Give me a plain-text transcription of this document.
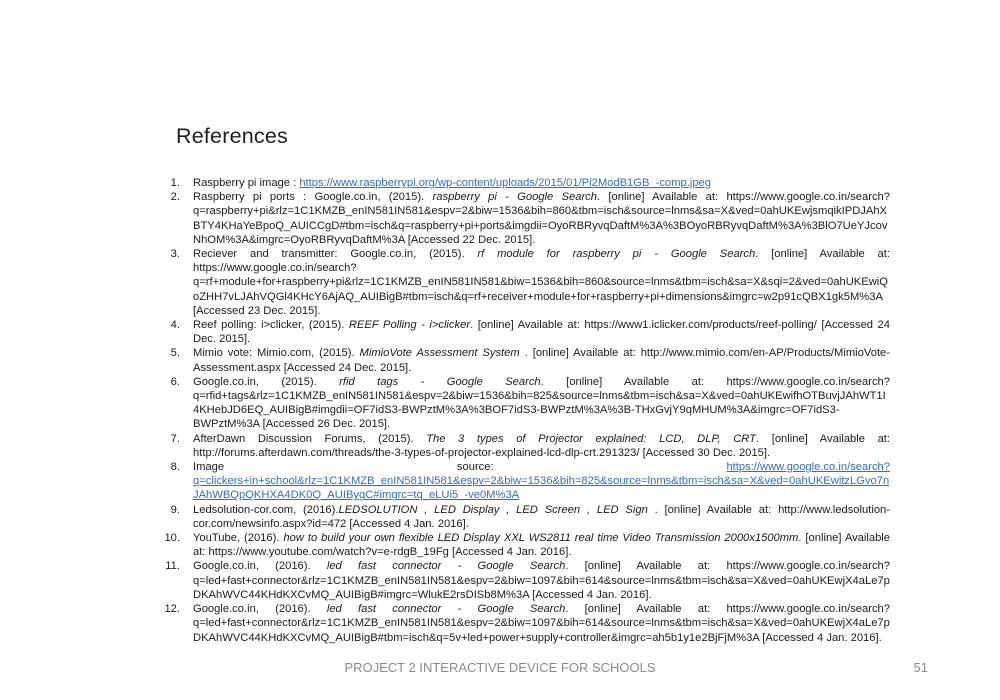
References
1. Raspberry pi image : https://www.raspberrypi.org/wp-content/uploads/2015/01/Pi2ModB1GB_-comp.jpeg
2. Raspberry pi ports : Google.co.in, (2015). raspberry pi - Google Search. [online] Available at: https://www.google.co.in/search?q=raspberry+pi&rlz=1C1KMZB_enIN581IN581&espv=2&biw=1536&bih=860&tbm=isch&source=lnms&sa=X&ved=0ahUKEwjsmqikIPDJAhXBTY4KHaYeBpoQ_AUICCgD#tbm=isch&q=raspberry+pi+ports&imgdii=OyoRBRyvqDaftM%3A%3BOyoRBRyvqDaftM%3A%3BlO7UeYJcovNhOM%3A&imgrc=OyoRBRyvqDaftM%3A [Accessed 22 Dec. 2015].
3. Reciever and transmitter: Google.co.in, (2015). rf module for raspberry pi - Google Search. [online] Available at: https://www.google.co.in/search?q=rf+module+for+raspberry+pi&rlz=1C1KMZB_enIN581IN581&biw=1536&bih=860&source=lnms&tbm=isch&sa=X&sqi=2&ved=0ahUKEwiQoZHH7vLJAhVQGl4KHcY6AjAQ_AUIBigB#tbm=isch&q=rf+receiver+module+for+raspberry+pi+dimensions&imgrc=w2p91cQBX1gk5M%3A [Accessed 23 Dec. 2015].
4. Reef polling: i>clicker, (2015). REEF Polling - i>clicker. [online] Available at: https://www1.iclicker.com/products/reef-polling/ [Accessed 24 Dec. 2015].
5. Mimio vote: Mimio.com, (2015). MimioVote Assessment System . [online] Available at: http://www.mimio.com/en-AP/Products/MimioVote-Assessment.aspx [Accessed 24 Dec. 2015].
6. Google.co.in, (2015). rfid tags - Google Search. [online] Available at: https://www.google.co.in/search?q=rfid+tags&rlz=1C1KMZB_enIN581IN581&espv=2&biw=1536&bih=825&source=lnms&tbm=isch&sa=X&ved=0ahUKEwifhOTBuvjJAhWT1I4KHebJD6EQ_AUIBigB#imgdii=OF7idS3-BWPztM%3A%3BOF7idS3-BWPztM%3A%3B-THxGvjY9qMHUM%3A&imgrc=OF7idS3-BWPztM%3A [Accessed 26 Dec. 2015].
7. AfterDawn Discussion Forums, (2015). The 3 types of Projector explained: LCD, DLP, CRT. [online] Available at: http://forums.afterdawn.com/threads/the-3-types-of-projector-explained-lcd-dlp-crt.291323/ [Accessed 30 Dec. 2015].
8. Image source: https://www.google.co.in/search?q=clickers+in+school&rlz=1C1KMZB_enIN581IN581&espv=2&biw=1536&bih=825&source=lnms&tbm=isch&sa=X&ved=0ahUKEwitzLGvo7nJAhWBQpQKHXA4DK0Q_AUIBygC#imgrc=tq_eLUi5_-ve0M%3A
9. Ledsolution-cor.com, (2016).LEDSOLUTION , LED Display , LED Screen , LED Sign . [online] Available at: http://www.ledsolution-cor.com/newsinfo.aspx?id=472 [Accessed 4 Jan. 2016].
10. YouTube, (2016). how to build your own flexible LED Display XXL WS2811 real time Video Transmission 2000x1500mm. [online] Available at: https://www.youtube.com/watch?v=e-rdgB_19Fg [Accessed 4 Jan. 2016].
11. Google.co.in, (2016). led fast connector - Google Search. [online] Available at: https://www.google.co.in/search?q=led+fast+connector&rlz=1C1KMZB_enIN581IN581&espv=2&biw=1097&bih=614&source=lnms&tbm=isch&sa=X&ved=0ahUKEwjX4aLe7pDKAhWVC44KHdKXCvMQ_AUIBigB#imgrc=WlukE2rsDISb8M%3A [Accessed 4 Jan. 2016].
12. Google.co.in, (2016). led fast connector - Google Search. [online] Available at: https://www.google.co.in/search?q=led+fast+connector&rlz=1C1KMZB_enIN581IN581&espv=2&biw=1097&bih=614&source=lnms&tbm=isch&sa=X&ved=0ahUKEwjX4aLe7pDKAhWVC44KHdKXCvMQ_AUIBigB#tbm=isch&q=5v+led+power+supply+controller&imgrc=ah5b1y1e2BjFjM%3A [Accessed 4 Jan. 2016].
PROJECT 2 INTERACTIVE DEVICE FOR SCHOOLS	51
